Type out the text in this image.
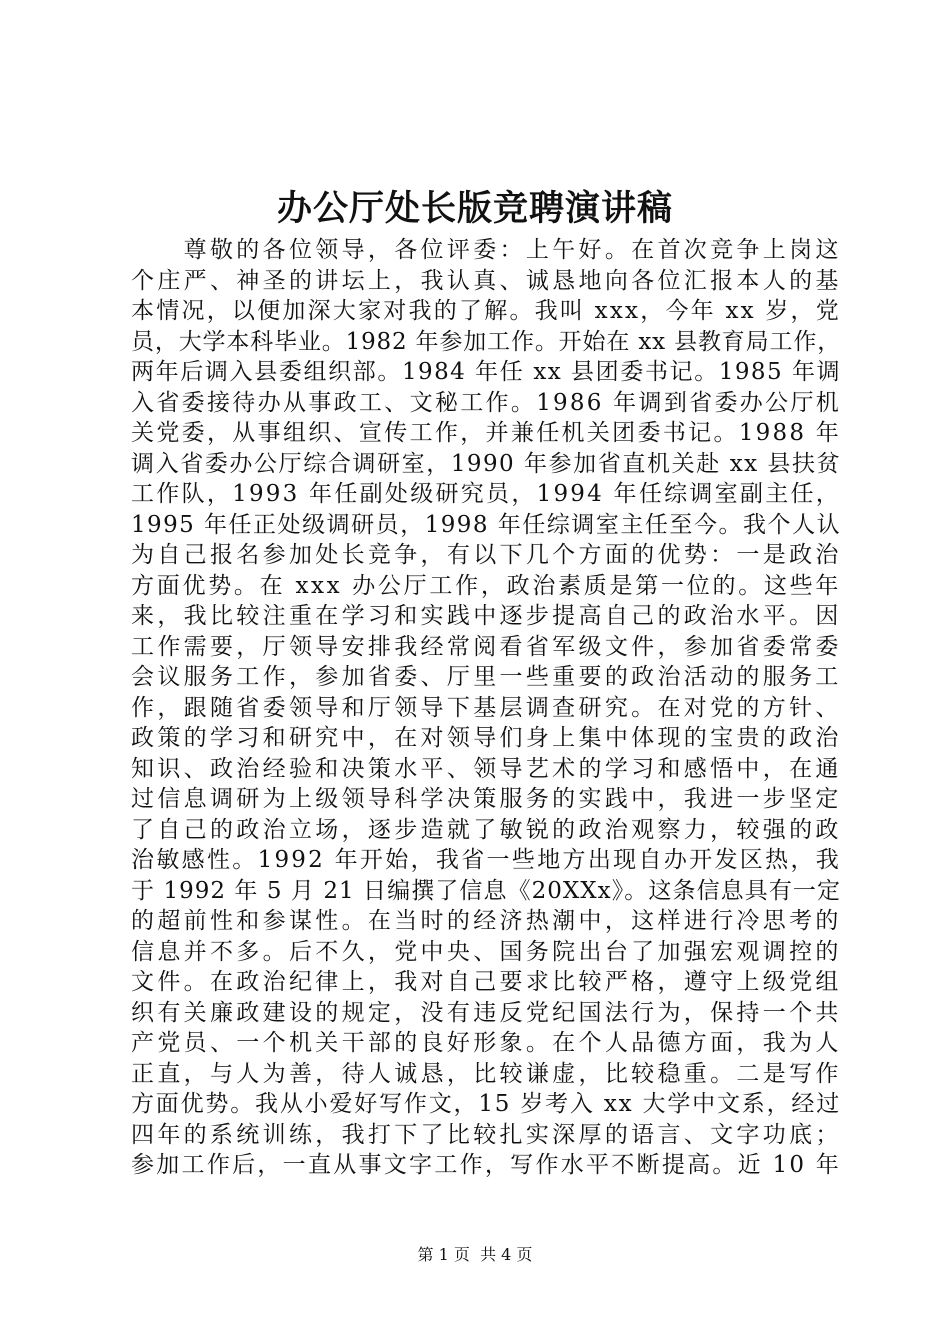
办公厅处长版竞聘演讲稿
　　尊敬的各位领导，各位评委：上午好。在首次竞争上岗这
个庄严、神圣的讲坛上，我认真、诚恳地向各位汇报本人的基
本情况，以便加深大家对我的了解。我叫 xxx，今年 xx 岁，党
员，大学本科毕业。1982 年参加工作。开始在 xx 县教育局工作，
两年后调入县委组织部。1984 年任 xx 县团委书记。1985 年调
入省委接待办从事政工、文秘工作。1986 年调到省委办公厅机
关党委，从事组织、宣传工作，并兼任机关团委书记。1988 年
调入省委办公厅综合调研室，1990 年参加省直机关赴 xx 县扶贫
工作队，1993 年任副处级研究员，1994 年任综调室副主任，
1995 年任正处级调研员，1998 年任综调室主任至今。我个人认
为自己报名参加处长竞争，有以下几个方面的优势：一是政治
方面优势。在 xxx 办公厅工作，政治素质是第一位的。这些年
来，我比较注重在学习和实践中逐步提高自己的政治水平。因
工作需要，厅领导安排我经常阅看省军级文件，参加省委常委
会议服务工作，参加省委、厅里一些重要的政治活动的服务工
作，跟随省委领导和厅领导下基层调查研究。在对党的方针、
政策的学习和研究中，在对领导们身上集中体现的宝贵的政治
知识、政治经验和决策水平、领导艺术的学习和感悟中，在通
过信息调研为上级领导科学决策服务的实践中，我进一步坚定
了自己的政治立场，逐步造就了敏锐的政治观察力，较强的政
治敏感性。1992 年开始，我省一些地方出现自办开发区热，我
于 1992 年 5 月 21 日编撰了信息《20XXx》。这条信息具有一定
的超前性和参谋性。在当时的经济热潮中，这样进行冷思考的
信息并不多。后不久，党中央、国务院出台了加强宏观调控的
文件。在政治纪律上，我对自己要求比较严格，遵守上级党组
织有关廉政建设的规定，没有违反党纪国法行为，保持一个共
产党员、一个机关干部的良好形象。在个人品德方面，我为人
正直，与人为善，待人诚恳，比较谦虚，比较稳重。二是写作
方面优势。我从小爱好写作文，15 岁考入 xx 大学中文系，经过
四年的系统训练，我打下了比较扎实深厚的语言、文字功底；
参加工作后，一直从事文字工作，写作水平不断提高。近 10 年
第 1 页  共 4 页
